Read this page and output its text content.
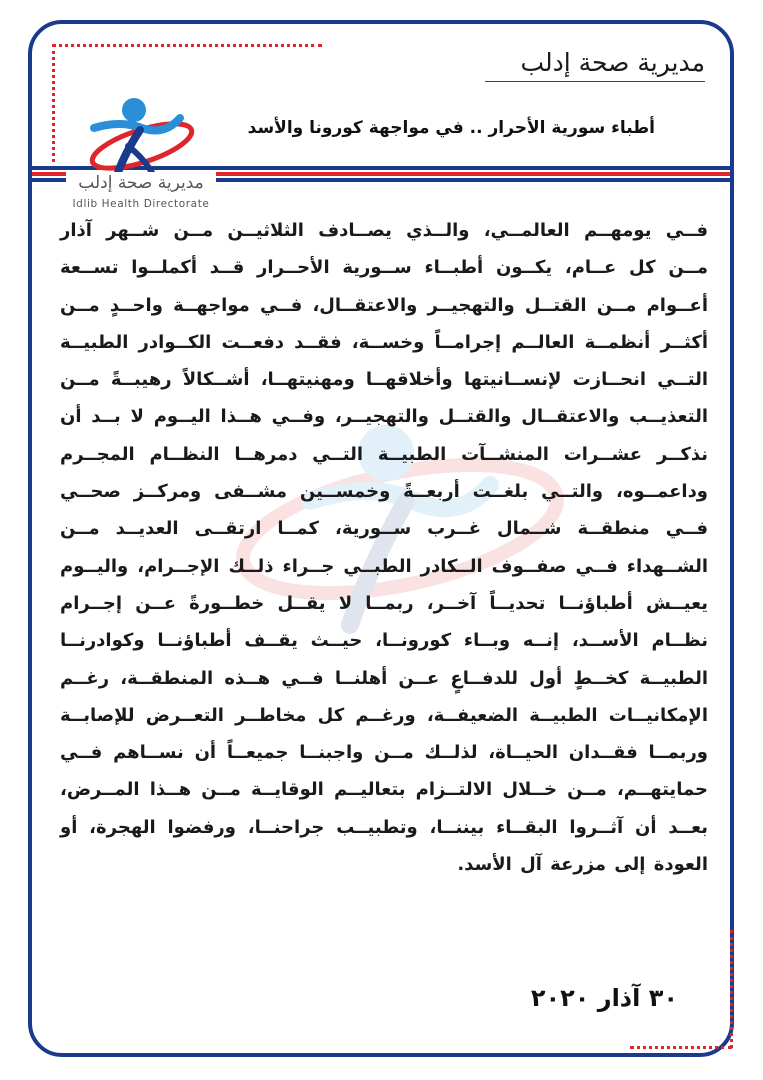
مديرية صحة إدلب
Idlib Health Directorate
مديرية صحة إدلب
أطباء سورية الأحرار .. في مواجهة كورونا والأسد
فــي يومهــم العالمــي، والــذي يصــادف الثلاثيــن مــن شــهر آذار مــن كل عــام، يكــون أطبــاء ســورية الأحــرار قــد أكملــوا تســعة أعــوام مــن القتــل والتهجيــر والاعتقــال، فــي مواجهــة واحــدٍ مــن أكثــر أنظمــة العالــم إجرامــاً وخســة، فقــد دفعــت الكــوادر الطبيــة التــي انحــازت لإنســانيتها وأخلاقهــا ومهنيتهــا، أشــكالاً رهيبــةً مــن التعذيــب والاعتقــال والقتــل والتهجيــر، وفــي هــذا اليــوم لا بــد أن نذكــر عشــرات المنشــآت الطبيــة التــي دمرهــا النظــام المجــرم وداعمــوه، والتــي بلغــت أربعــةً وخمســين مشــفى ومركــز صحــي فــي منطقــة شــمال غــرب ســورية، كمــا ارتقــى العديــد مــن الشــهداء فــي صفــوف الــكادر الطبــي جــراء ذلــك الإجــرام، واليــوم يعيــش أطباؤنــا تحديــاً آخــر، ربمــا لا يقــل خطــورةً عــن إجــرام نظــام الأســد، إنــه وبــاء كورونــا، حيــث يقــف أطباؤنــا وكوادرنــا الطبيــة كخــطٍ أول للدفــاعٍ عــن أهلنــا فــي هــذه المنطقــة، رغــم الإمكانيــات الطبيــة الضعيفــة، ورغــم كل مخاطــر التعــرض للإصابــة وربمــا فقــدان الحيــاة، لذلــك مــن واجبنــا جميعــاً أن نســاهم فــي حمايتهــم، مــن خــلال الالتــزام بتعاليــم الوقايــة مــن هــذا المــرض، بعــد أن آثــروا البقــاء بيننــا، وتطبيــب جراحنــا، ورفضوا الهجرة، أو العودة إلى مزرعة آل الأسد.
٣٠ آذار ٢٠٢٠
